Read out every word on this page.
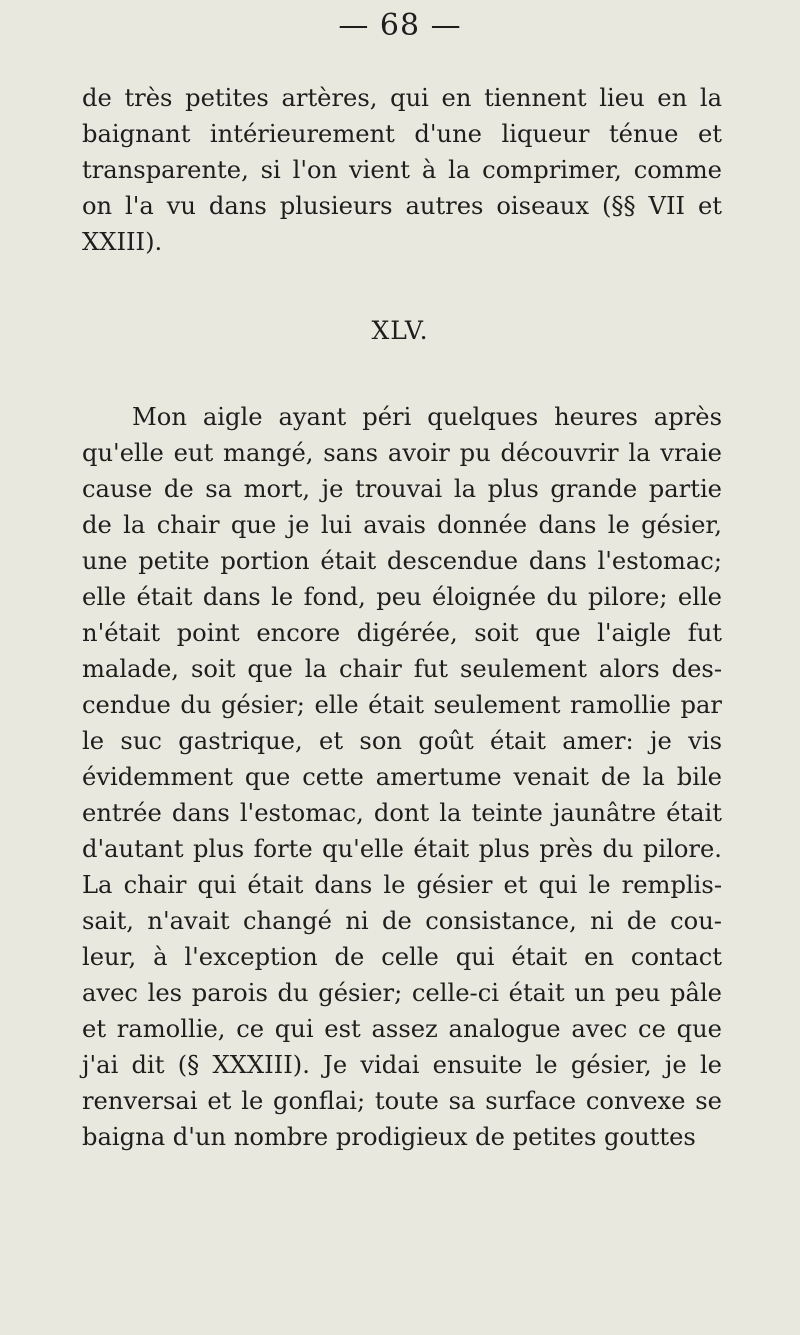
— 68 —
de très petites artères, qui en tiennent lieu en la
baignant intérieurement d'une liqueur ténue et
transparente, si l'on vient à la comprimer, comme
on l'a vu dans plusieurs autres oiseaux (§§ VII et
XXIII).
XLV.
Mon aigle ayant péri quelques heures après
qu'elle eut mangé, sans avoir pu découvrir la vraie
cause de sa mort, je trouvai la plus grande partie
de la chair que je lui avais donnée dans le gésier,
une petite portion était descendue dans l'estomac;
elle était dans le fond, peu éloignée du pilore; elle
n'était point encore digérée, soit que l'aigle fut
malade, soit que la chair fut seulement alors des-
cendue du gésier; elle était seulement ramollie par
le suc gastrique, et son goût était amer: je vis
évidemment que cette amertume venait de la bile
entrée dans l'estomac, dont la teinte jaunâtre était
d'autant plus forte qu'elle était plus près du pilore.
La chair qui était dans le gésier et qui le remplis-
sait, n'avait changé ni de consistance, ni de cou-
leur, à l'exception de celle qui était en contact
avec les parois du gésier; celle-ci était un peu pâle
et ramollie, ce qui est assez analogue avec ce que
j'ai dit (§ XXXIII). Je vidai ensuite le gésier, je le
renversai et le gonflai; toute sa surface convexe se
baigna d'un nombre prodigieux de petites gouttes
